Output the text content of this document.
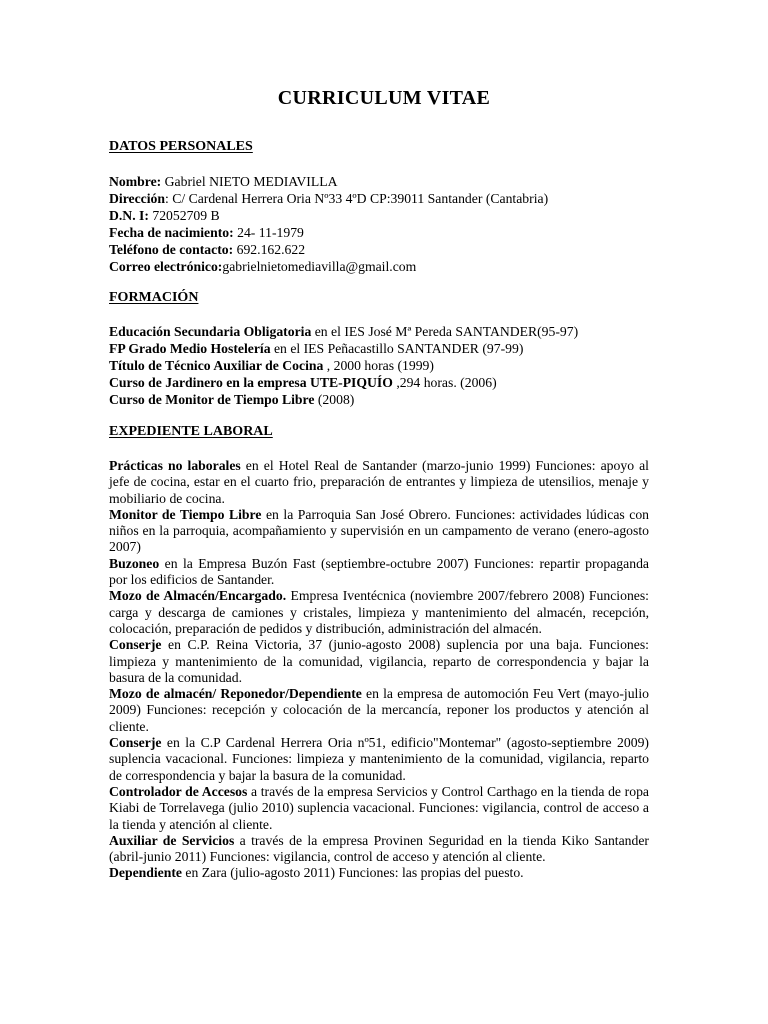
CURRICULUM VITAE
DATOS PERSONALES
Nombre: Gabriel NIETO MEDIAVILLA
Dirección: C/ Cardenal Herrera Oria Nº33 4ºD CP:39011 Santander (Cantabria)
D.N. I: 72052709 B
Fecha de nacimiento: 24- 11-1979
Teléfono de contacto: 692.162.622
Correo electrónico:gabrielnietomediavilla@gmail.com
FORMACIÓN
Educación Secundaria Obligatoria en el IES José Mª Pereda SANTANDER(95-97)
FP Grado Medio Hostelería en el IES Peñacastillo SANTANDER (97-99)
Título de Técnico Auxiliar de Cocina , 2000 horas (1999)
Curso de Jardinero en la empresa UTE-PIQUÍO ,294 horas. (2006)
Curso de Monitor de Tiempo Libre (2008)
EXPEDIENTE LABORAL
Prácticas no laborales en el Hotel Real de Santander (marzo-junio 1999) Funciones: apoyo al jefe de cocina, estar en el cuarto frio, preparación de entrantes y limpieza de utensilios, menaje y mobiliario de cocina.
Monitor de Tiempo Libre en la Parroquia San José Obrero. Funciones: actividades lúdicas con niños en la parroquia, acompañamiento y supervisión en un campamento de verano (enero-agosto 2007)
Buzoneo en la Empresa Buzón Fast (septiembre-octubre 2007) Funciones: repartir propaganda por los edificios de Santander.
Mozo de Almacén/Encargado. Empresa Iventécnica (noviembre 2007/febrero 2008) Funciones: carga y descarga de camiones y cristales, limpieza y mantenimiento del almacén, recepción, colocación, preparación de pedidos y distribución, administración del almacén.
Conserje en C.P. Reina Victoria, 37 (junio-agosto 2008) suplencia por una baja. Funciones: limpieza y mantenimiento de la comunidad, vigilancia, reparto de correspondencia y bajar la basura de la comunidad.
Mozo de almacén/ Reponedor/Dependiente en la empresa de automoción Feu Vert (mayo-julio 2009) Funciones: recepción y colocación de la mercancía, reponer los productos y atención al cliente.
Conserje en la C.P Cardenal Herrera Oria nº51, edificio"Montemar" (agosto-septiembre 2009) suplencia vacacional. Funciones: limpieza y mantenimiento de la comunidad, vigilancia, reparto de correspondencia y bajar la basura de la comunidad.
Controlador de Accesos a través de la empresa Servicios y Control Carthago en la tienda de ropa Kiabi de Torrelavega (julio 2010) suplencia vacacional. Funciones: vigilancia, control de acceso a la tienda y atención al cliente.
Auxiliar de Servicios a través de la empresa Provinen Seguridad en la tienda Kiko Santander (abril-junio 2011) Funciones: vigilancia, control de acceso y atención al cliente.
Dependiente en Zara (julio-agosto 2011) Funciones: las propias del puesto.
